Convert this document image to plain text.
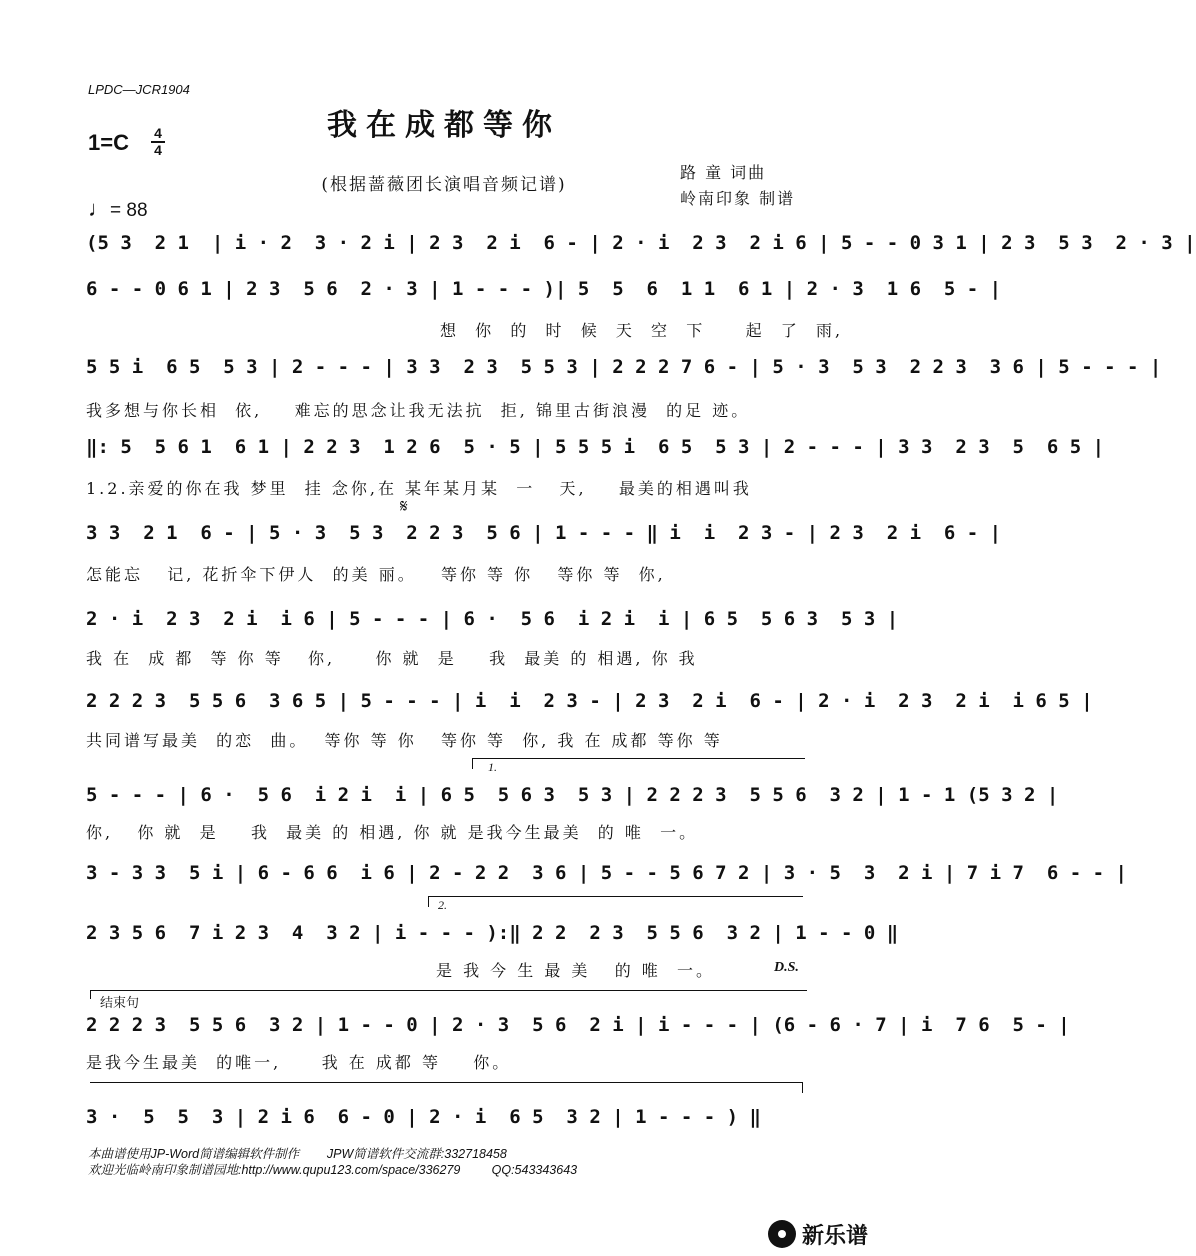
LPDC—JCR1904
我在成都等你
1=C 4
4
(根据蔷薇团长演唱音频记谱)
路 童 词曲
岭南印象 制谱
♩= 88
(5 3  2 1  | i · 2  3 · 2 i | 2 3  2 i  6 - | 2 · i  2 3  2 i 6 | 5 - - 0 3 1 | 2 3  5 3  2 · 3 |
6 - - 0 6 1 | 2 3  5 6  2 · 3 | 1 - - - )| 5  5  6  1 1  6 1 | 2 · 3  1 6  5 - |
想  你  的  时  候  天  空  下     起  了  雨,
5 5 i  6 5  5 3 | 2 - - - | 3 3  2 3  5 5 3 | 2 2 2 7 6 - | 5 · 3  5 3  2 2 3  3 6 | 5 - - - |
我多想与你长相  依,    难忘的思念让我无法抗  拒, 锦里古街浪漫  的足 迹。
‖: 5  5 6 1  6 1 | 2 2 3  1 2 6  5 · 5 | 5 5 5 i  6 5  5 3 | 2 - - - | 3 3  2 3  5  6 5 |
1.2.亲爱的你在我 梦里  挂 念你,在 某年某月某  一   天,    最美的相遇叫我
𝄋
3 3  2 1  6 - | 5 · 3  5 3  2 2 3  5 6 | 1 - - - ‖ i  i  2 3 - | 2 3  2 i  6 - |
怎能忘   记, 花折伞下伊人  的美 丽。   等你 等 你   等你 等  你,
2 · i  2 3  2 i  i 6 | 5 - - - | 6 ·  5 6  i 2 i  i | 6 5  5 6 3  5 3 |
我 在  成 都  等 你 等   你,     你 就  是    我  最美 的 相遇, 你 我
2 2 2 3  5 5 6  3 6 5 | 5 - - - | i  i  2 3 - | 2 3  2 i  6 - | 2 · i  2 3  2 i  i 6 5 |
共同谱写最美  的恋  曲。  等你 等 你   等你 等  你, 我 在 成都 等你 等
1.
5 - - - | 6 ·  5 6  i 2 i  i | 6 5  5 6 3  5 3 | 2 2 2 3  5 5 6  3 2 | 1 - 1 (5 3 2 |
你,   你 就  是    我  最美 的 相遇, 你 就 是我今生最美  的 唯  一。
3 - 3 3  5 i | 6 - 6 6  i 6 | 2 - 2 2  3 6 | 5 - - 5 6 7 2 | 3 · 5  3  2 i | 7 i 7  6 - - |
2.
2 3 5 6  7 i 2 3  4  3 2 | i - - - ):‖ 2 2  2 3  5 5 6  3 2 | 1 - - 0 ‖
是 我 今 生 最 美   的 唯  一。	D.S.
结束句
2 2 2 3  5 5 6  3 2 | 1 - - 0 | 2 · 3  5 6  2 i | i - - - | (6 - 6 · 7 | i  7 6  5 - |
是我今生最美  的唯一,     我 在 成都 等    你。
3 ·  5  5  3 | 2 i 6  6 - 0 | 2 · i  6 5  3 2 | 1 - - - ) ‖
本曲谱使用JP-Word简谱编辑软件制作        JPW简谱软件交流群:332718458
欢迎光临岭南印象制谱园地:http://www.qupu123.com/space/336279         QQ:543343643
新乐谱
